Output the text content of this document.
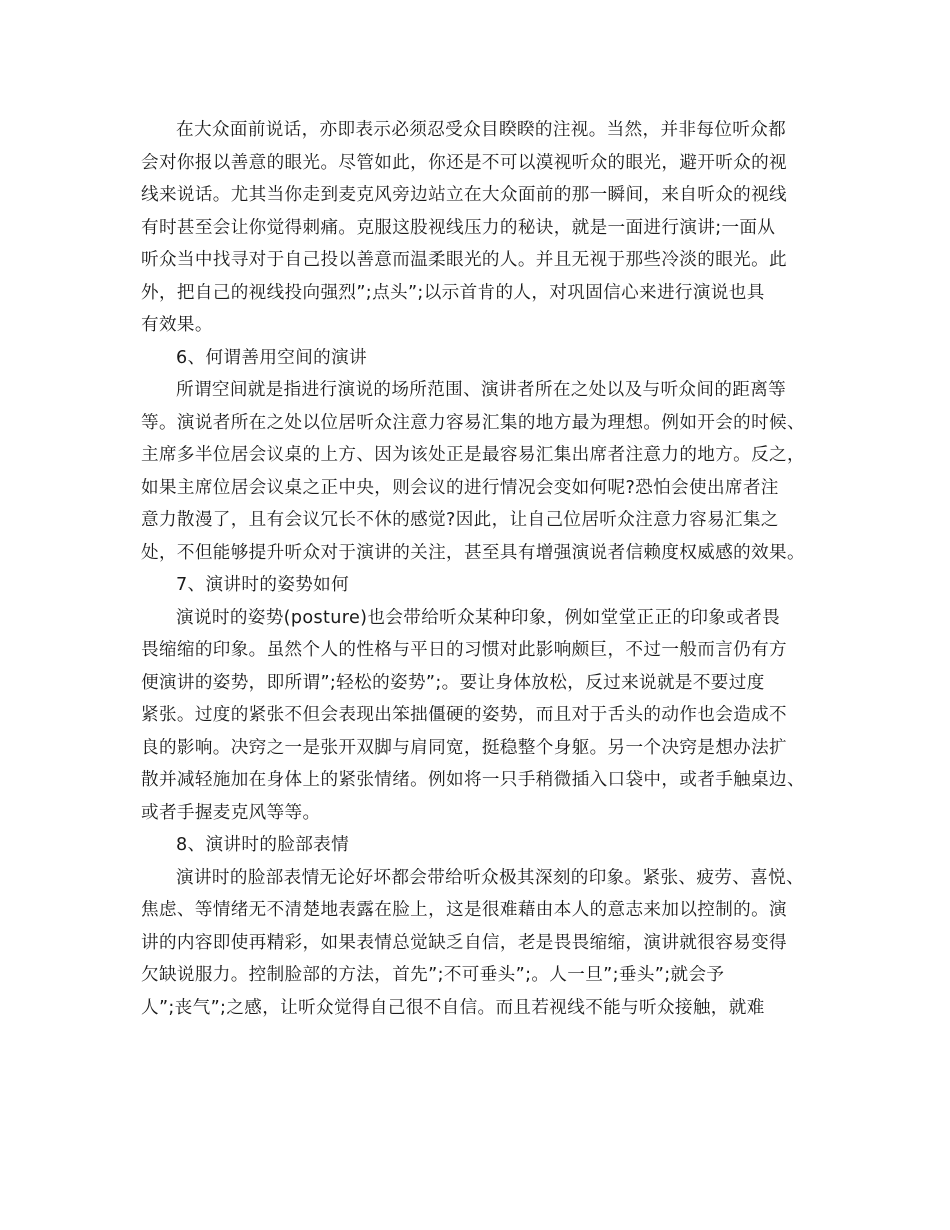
在大众面前说话，亦即表示必须忍受众目睽睽的注视。当然，并非每位听众都
会对你报以善意的眼光。尽管如此，你还是不可以漠视听众的眼光，避开听众的视
线来说话。尤其当你走到麦克风旁边站立在大众面前的那一瞬间，来自听众的视线
有时甚至会让你觉得刺痛。克服这股视线压力的秘诀，就是一面进行演讲;一面从
听众当中找寻对于自己投以善意而温柔眼光的人。并且无视于那些冷淡的眼光。此
外，把自己的视线投向强烈”;点头”;以示首肯的人，对巩固信心来进行演说也具
有效果。
6、何谓善用空间的演讲
所谓空间就是指进行演说的场所范围、演讲者所在之处以及与听众间的距离等
等。演说者所在之处以位居听众注意力容易汇集的地方最为理想。例如开会的时候、
主席多半位居会议桌的上方、因为该处正是最容易汇集出席者注意力的地方。反之，
如果主席位居会议桌之正中央，则会议的进行情况会变如何呢?恐怕会使出席者注
意力散漫了，且有会议冗长不休的感觉?因此，让自己位居听众注意力容易汇集之
处，不但能够提升听众对于演讲的关注，甚至具有增强演说者信赖度权威感的效果。
7、演讲时的姿势如何
演说时的姿势(posture)也会带给听众某种印象，例如堂堂正正的印象或者畏
畏缩缩的印象。虽然个人的性格与平日的习惯对此影响颇巨，不过一般而言仍有方
便演讲的姿势，即所谓”;轻松的姿势”;。要让身体放松，反过来说就是不要过度
紧张。过度的紧张不但会表现出笨拙僵硬的姿势，而且对于舌头的动作也会造成不
良的影响。决窍之一是张开双脚与肩同宽，挺稳整个身躯。另一个决窍是想办法扩
散并减轻施加在身体上的紧张情绪。例如将一只手稍微插入口袋中，或者手触桌边、
或者手握麦克风等等。
8、演讲时的脸部表情
演讲时的脸部表情无论好坏都会带给听众极其深刻的印象。紧张、疲劳、喜悦、
焦虑、等情绪无不清楚地表露在脸上，这是很难藉由本人的意志来加以控制的。演
讲的内容即使再精彩，如果表情总觉缺乏自信，老是畏畏缩缩，演讲就很容易变得
欠缺说服力。控制脸部的方法，首先”;不可垂头”;。人一旦”;垂头”;就会予
人”;丧气”;之感，让听众觉得自己很不自信。而且若视线不能与听众接触，就难
